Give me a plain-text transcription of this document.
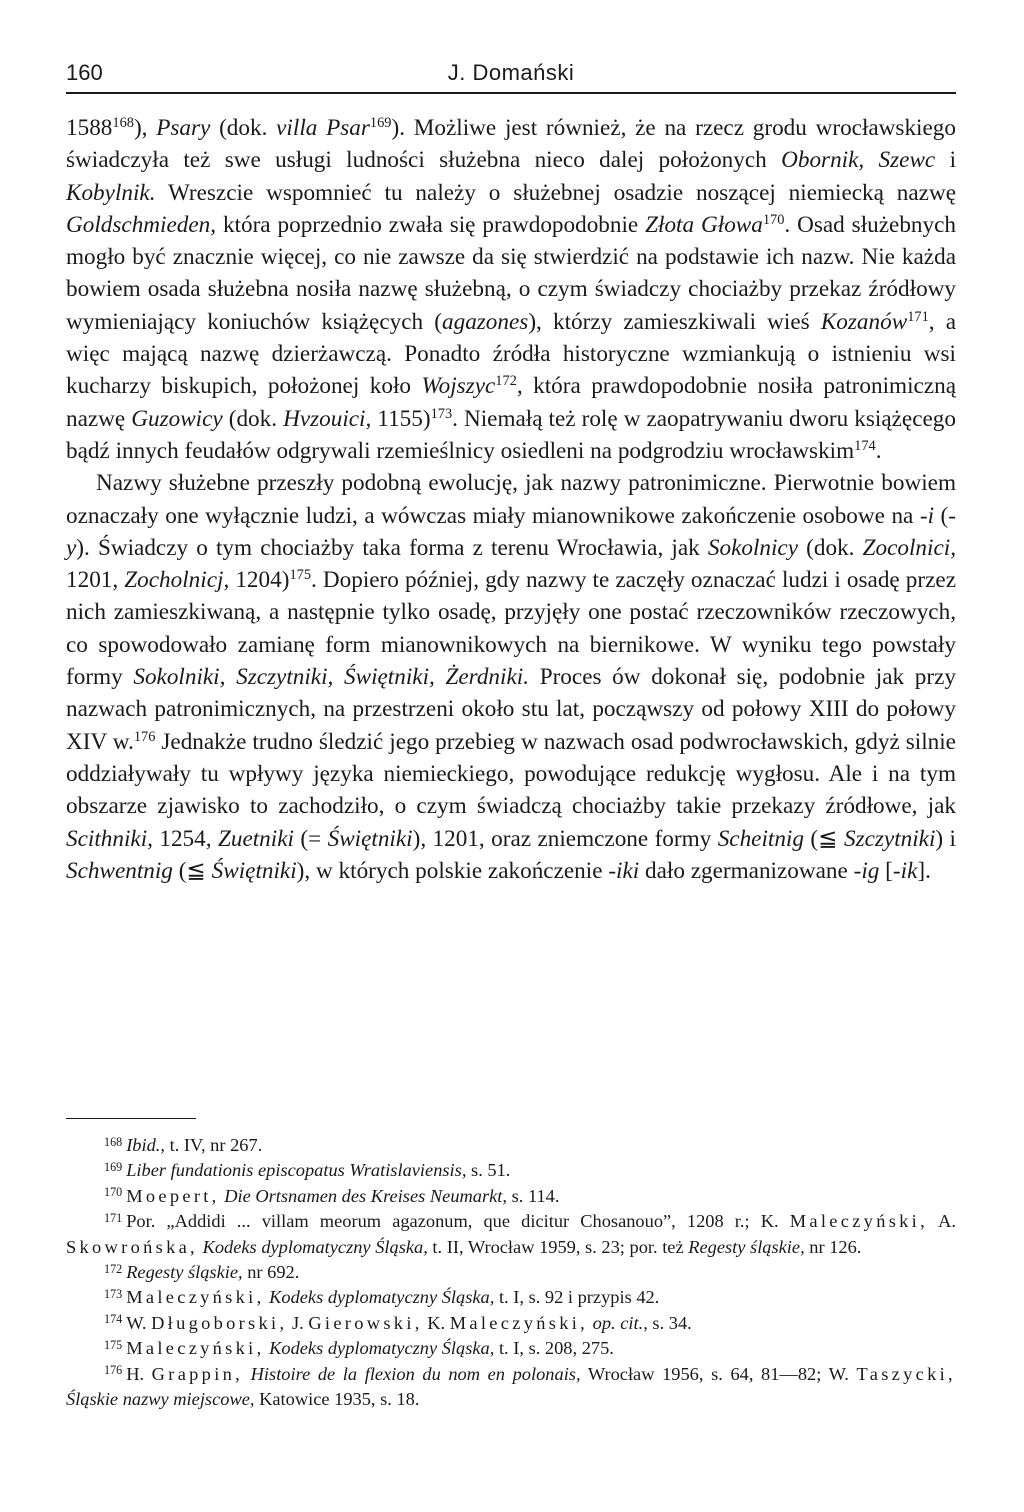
160	J. Domański

1588$^{168}$), Psary (dok. villa Psar$^{169}$). Możliwe jest również, że na rzecz grodu wrocławskiego świadczyła też swe usługi ludności służebna nieco dalej położonych Obornik, Szewc i Kobylnik. Wreszcie wspomnieć tu należy o służebnej osadzie noszącej niemiecką nazwę Goldschmieden, która poprzednio zwała się prawdopodobnie Złota Głowa$^{170}$. Osad służebnych mogło być znacznie więcej, co nie zawsze da się stwierdzić na podstawie ich nazw. Nie każda bowiem osada służebna nosiła nazwę służebną, o czym świadczy chociażby przekaz źródłowy wymieniający koniuchów książęcych (agazones), którzy zamieszkiwali wieś Kozanów$^{171}$, a więc mającą nazwę dzierżawczą. Ponadto źródła historyczne wzmiankują o istnieniu wsi kucharzy biskupich, położonej koło Wojszyc$^{172}$, która prawdopodobnie nosiła patronimiczną nazwę Guzowicy (dok. Hvzouici, 1155)$^{173}$. Niemałą też rolę w zaopatrywaniu dworu książęcego bądź innych feudałów odgrywali rzemieślnicy osiedleni na podgrodziu wrocławskim$^{174}$.

Nazwy służebne przeszły podobną ewolucję, jak nazwy patronimiczne. Pierwotnie bowiem oznaczały one wyłącznie ludzi, a wówczas miały mianownikowe zakończenie osobowe na -i (-y). Świadczy o tym chociażby taka forma z terenu Wrocławia, jak Sokolnicy (dok. Zocolnici, 1201, Zocholnicj, 1204)$^{175}$. Dopiero później, gdy nazwy te zaczęły oznaczać ludzi i osadę przez nich zamieszkiwaną, a następnie tylko osadę, przyjęły one postać rzeczowników rzeczowych, co spowodowało zamianę form mianownikowych na biernikowe. W wyniku tego powstały formy Sokolniki, Szczytniki, Świętniki, Żerdniki. Proces ów dokonał się, podobnie jak przy nazwach patronimicznych, na przestrzeni około stu lat, począwszy od połowy XIII do połowy XIV w.$^{176}$ Jednakże trudno śledzić jego przebieg w nazwach osad podwrocławskich, gdyż silnie oddziaływały tu wpływy języka niemieckiego, powodujące redukcję wygłosu. Ale i na tym obszarze zjawisko to zachodziło, o czym świadczą chociażby takie przekazy źródłowe, jak Scithniki, 1254, Zuetniki (= Świętniki), 1201, oraz zniemczone formy Scheitnig (≦ Szczytniki) i Schwentnig (≦ Świętniki), w których polskie zakończenie -iki dało zgermanizowane -ig [-ik].

$^{168}$ Ibid., t. IV, nr 267.

$^{169}$ Liber fundationis episcopatus Wratislaviensis, s. 51.

$^{170}$ Moepert, Die Ortsnamen des Kreises Neumarkt, s. 114.

$^{171}$ Por. „Addidi ... villam meorum agazonum, que dicitur Chosanouo”, 1208 r.; K. Maleczyński, A. Skowrońska, Kodeks dyplomatyczny Śląska, t. II, Wrocław 1959, s. 23; por. też Regesty śląskie, nr 126.

$^{172}$ Regesty śląskie, nr 692.

$^{173}$ Maleczyński, Kodeks dyplomatyczny Śląska, t. I, s. 92 i przypis 42.

$^{174}$ W. Długoborski, J. Gierowski, K. Maleczyński, op. cit., s. 34.

$^{175}$ Maleczyński, Kodeks dyplomatyczny Śląska, t. I, s. 208, 275.

$^{176}$ H. Grappin, Histoire de la flexion du nom en polonais, Wrocław 1956, s. 64, 81—82; W. Taszycki, Śląskie nazwy miejscowe, Katowice 1935, s. 18.
